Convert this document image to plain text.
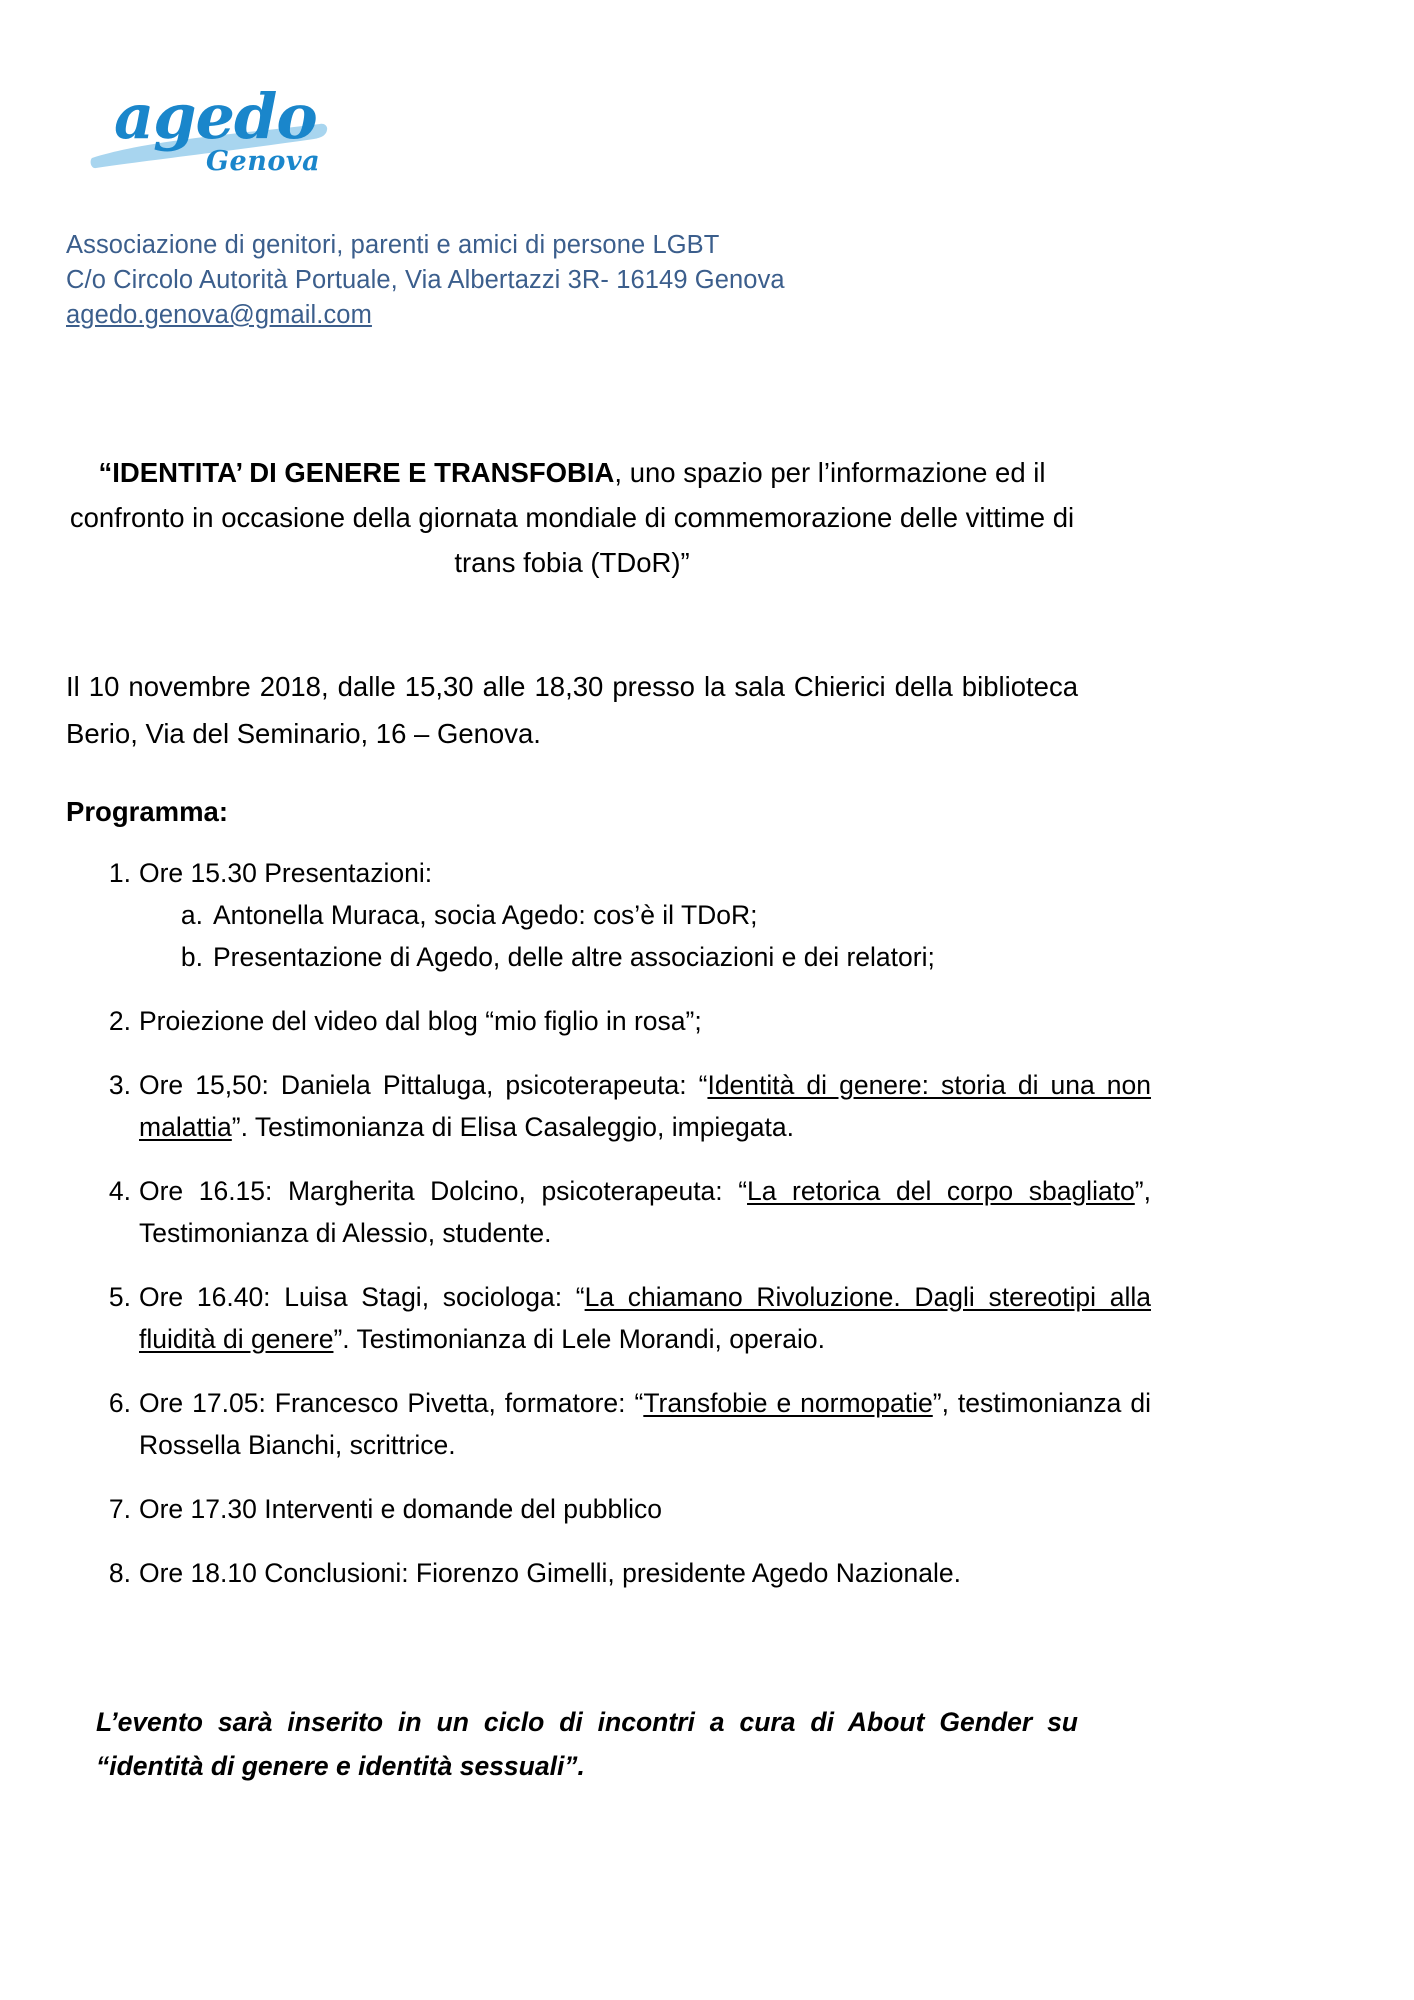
agedo
Genova
Associazione di genitori, parenti e amici di persone LGBT
C/o Circolo Autorità Portuale, Via Albertazzi 3R- 16149 Genova
agedo.genova@gmail.com
“IDENTITA’ DI GENERE E TRANSFOBIA, uno spazio per l’informazione ed il confronto in occasione della giornata mondiale di commemorazione delle vittime di trans fobia (TDoR)”
Il 10 novembre 2018, dalle 15,30 alle 18,30 presso la sala Chierici della biblioteca Berio, Via del Seminario, 16 – Genova.
Programma:
Ore 15.30 Presentazioni:
Antonella Muraca, socia Agedo: cos’è il TDoR;
Presentazione di Agedo, delle altre associazioni e dei relatori;
Proiezione del video dal blog “mio figlio in rosa”;
Ore 15,50: Daniela Pittaluga, psicoterapeuta: “Identità di genere: storia di una non malattia”. Testimonianza di Elisa Casaleggio, impiegata.
Ore 16.15: Margherita Dolcino, psicoterapeuta: “La retorica del corpo sbagliato”, Testimonianza di Alessio, studente.
Ore 16.40: Luisa Stagi, sociologa: “La chiamano Rivoluzione. Dagli stereotipi alla fluidità di genere”. Testimonianza di Lele Morandi, operaio.
Ore 17.05: Francesco Pivetta, formatore: “Transfobie e normopatie”, testimonianza di Rossella Bianchi, scrittrice.
Ore 17.30 Interventi e domande del pubblico
Ore 18.10 Conclusioni: Fiorenzo Gimelli, presidente Agedo Nazionale.
L’evento sarà inserito in un ciclo di incontri a cura di About Gender su “identità di genere e identità sessuali”.
